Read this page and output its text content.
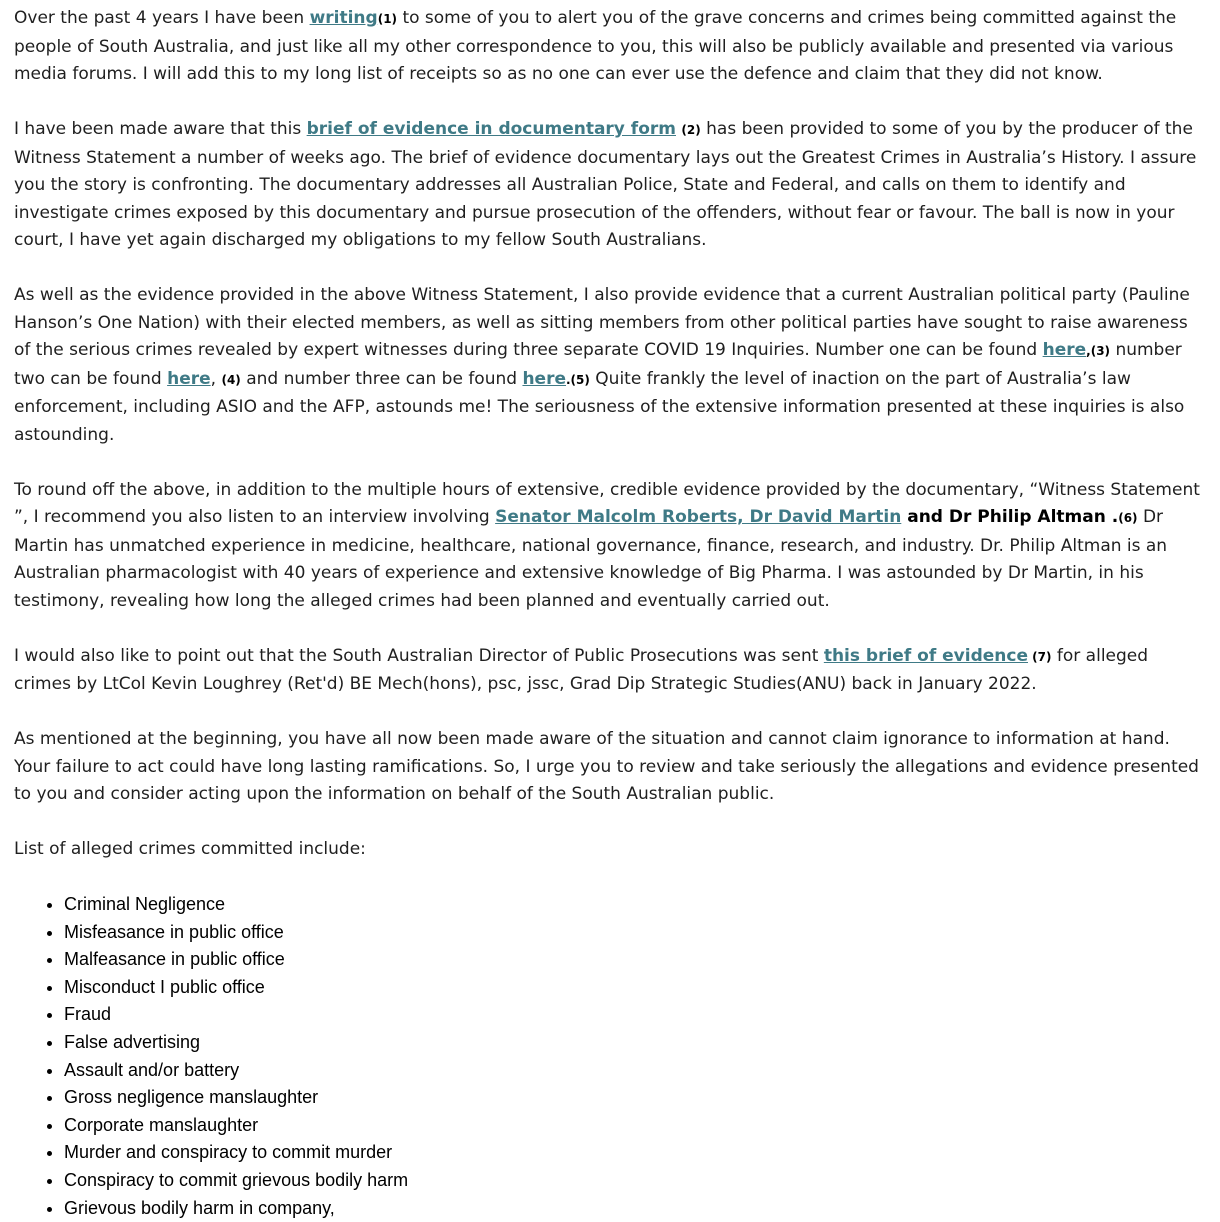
Over the past 4 years I have been writing(1) to some of you to alert you of the grave concerns and crimes being committed against the people of South Australia, and just like all my other correspondence to you, this will also be publicly available and presented via various media forums. I will add this to my long list of receipts so as no one can ever use the defence and claim that they did not know.

I have been made aware that this brief of evidence in documentary form (2) has been provided to some of you by the producer of the Witness Statement a number of weeks ago. The brief of evidence documentary lays out the Greatest Crimes in Australia’s History. I assure you the story is confronting. The documentary addresses all Australian Police, State and Federal, and calls on them to identify and investigate crimes exposed by this documentary and pursue prosecution of the offenders, without fear or favour. The ball is now in your court, I have yet again discharged my obligations to my fellow South Australians.

As well as the evidence provided in the above Witness Statement, I also provide evidence that a current Australian political party (Pauline Hanson’s One Nation) with their elected members, as well as sitting members from other political parties have sought to raise awareness of the serious crimes revealed by expert witnesses during three separate COVID 19 Inquiries. Number one can be found here,(3) number two can be found here, (4) and number three can be found here.(5) Quite frankly the level of inaction on the part of Australia’s law enforcement, including ASIO and the AFP, astounds me! The seriousness of the extensive information presented at these inquiries is also astounding.

To round off the above, in addition to the multiple hours of extensive, credible evidence provided by the documentary, “Witness Statement ”, I recommend you also listen to an interview involving Senator Malcolm Roberts, Dr David Martin and Dr Philip Altman .(6) Dr Martin has unmatched experience in medicine, healthcare, national governance, finance, research, and industry. Dr. Philip Altman is an Australian pharmacologist with 40 years of experience and extensive knowledge of Big Pharma. I was astounded by Dr Martin, in his testimony, revealing how long the alleged crimes had been planned and eventually carried out.

I would also like to point out that the South Australian Director of Public Prosecutions was sent this brief of evidence (7) for alleged crimes by LtCol Kevin Loughrey (Ret'd) BE Mech(hons), psc, jssc, Grad Dip Strategic Studies(ANU) back in January 2022.

As mentioned at the beginning, you have all now been made aware of the situation and cannot claim ignorance to information at hand. Your failure to act could have long lasting ramifications. So, I urge you to review and take seriously the allegations and evidence presented to you and consider acting upon the information on behalf of the South Australian public.

List of alleged crimes committed include:

• Criminal Negligence
• Misfeasance in public office
• Malfeasance in public office
• Misconduct I public office
• Fraud
• False advertising
• Assault and/or battery
• Gross negligence manslaughter
• Corporate manslaughter
• Murder and conspiracy to commit murder
• Conspiracy to commit grievous bodily harm
• Grievous bodily harm in company,
